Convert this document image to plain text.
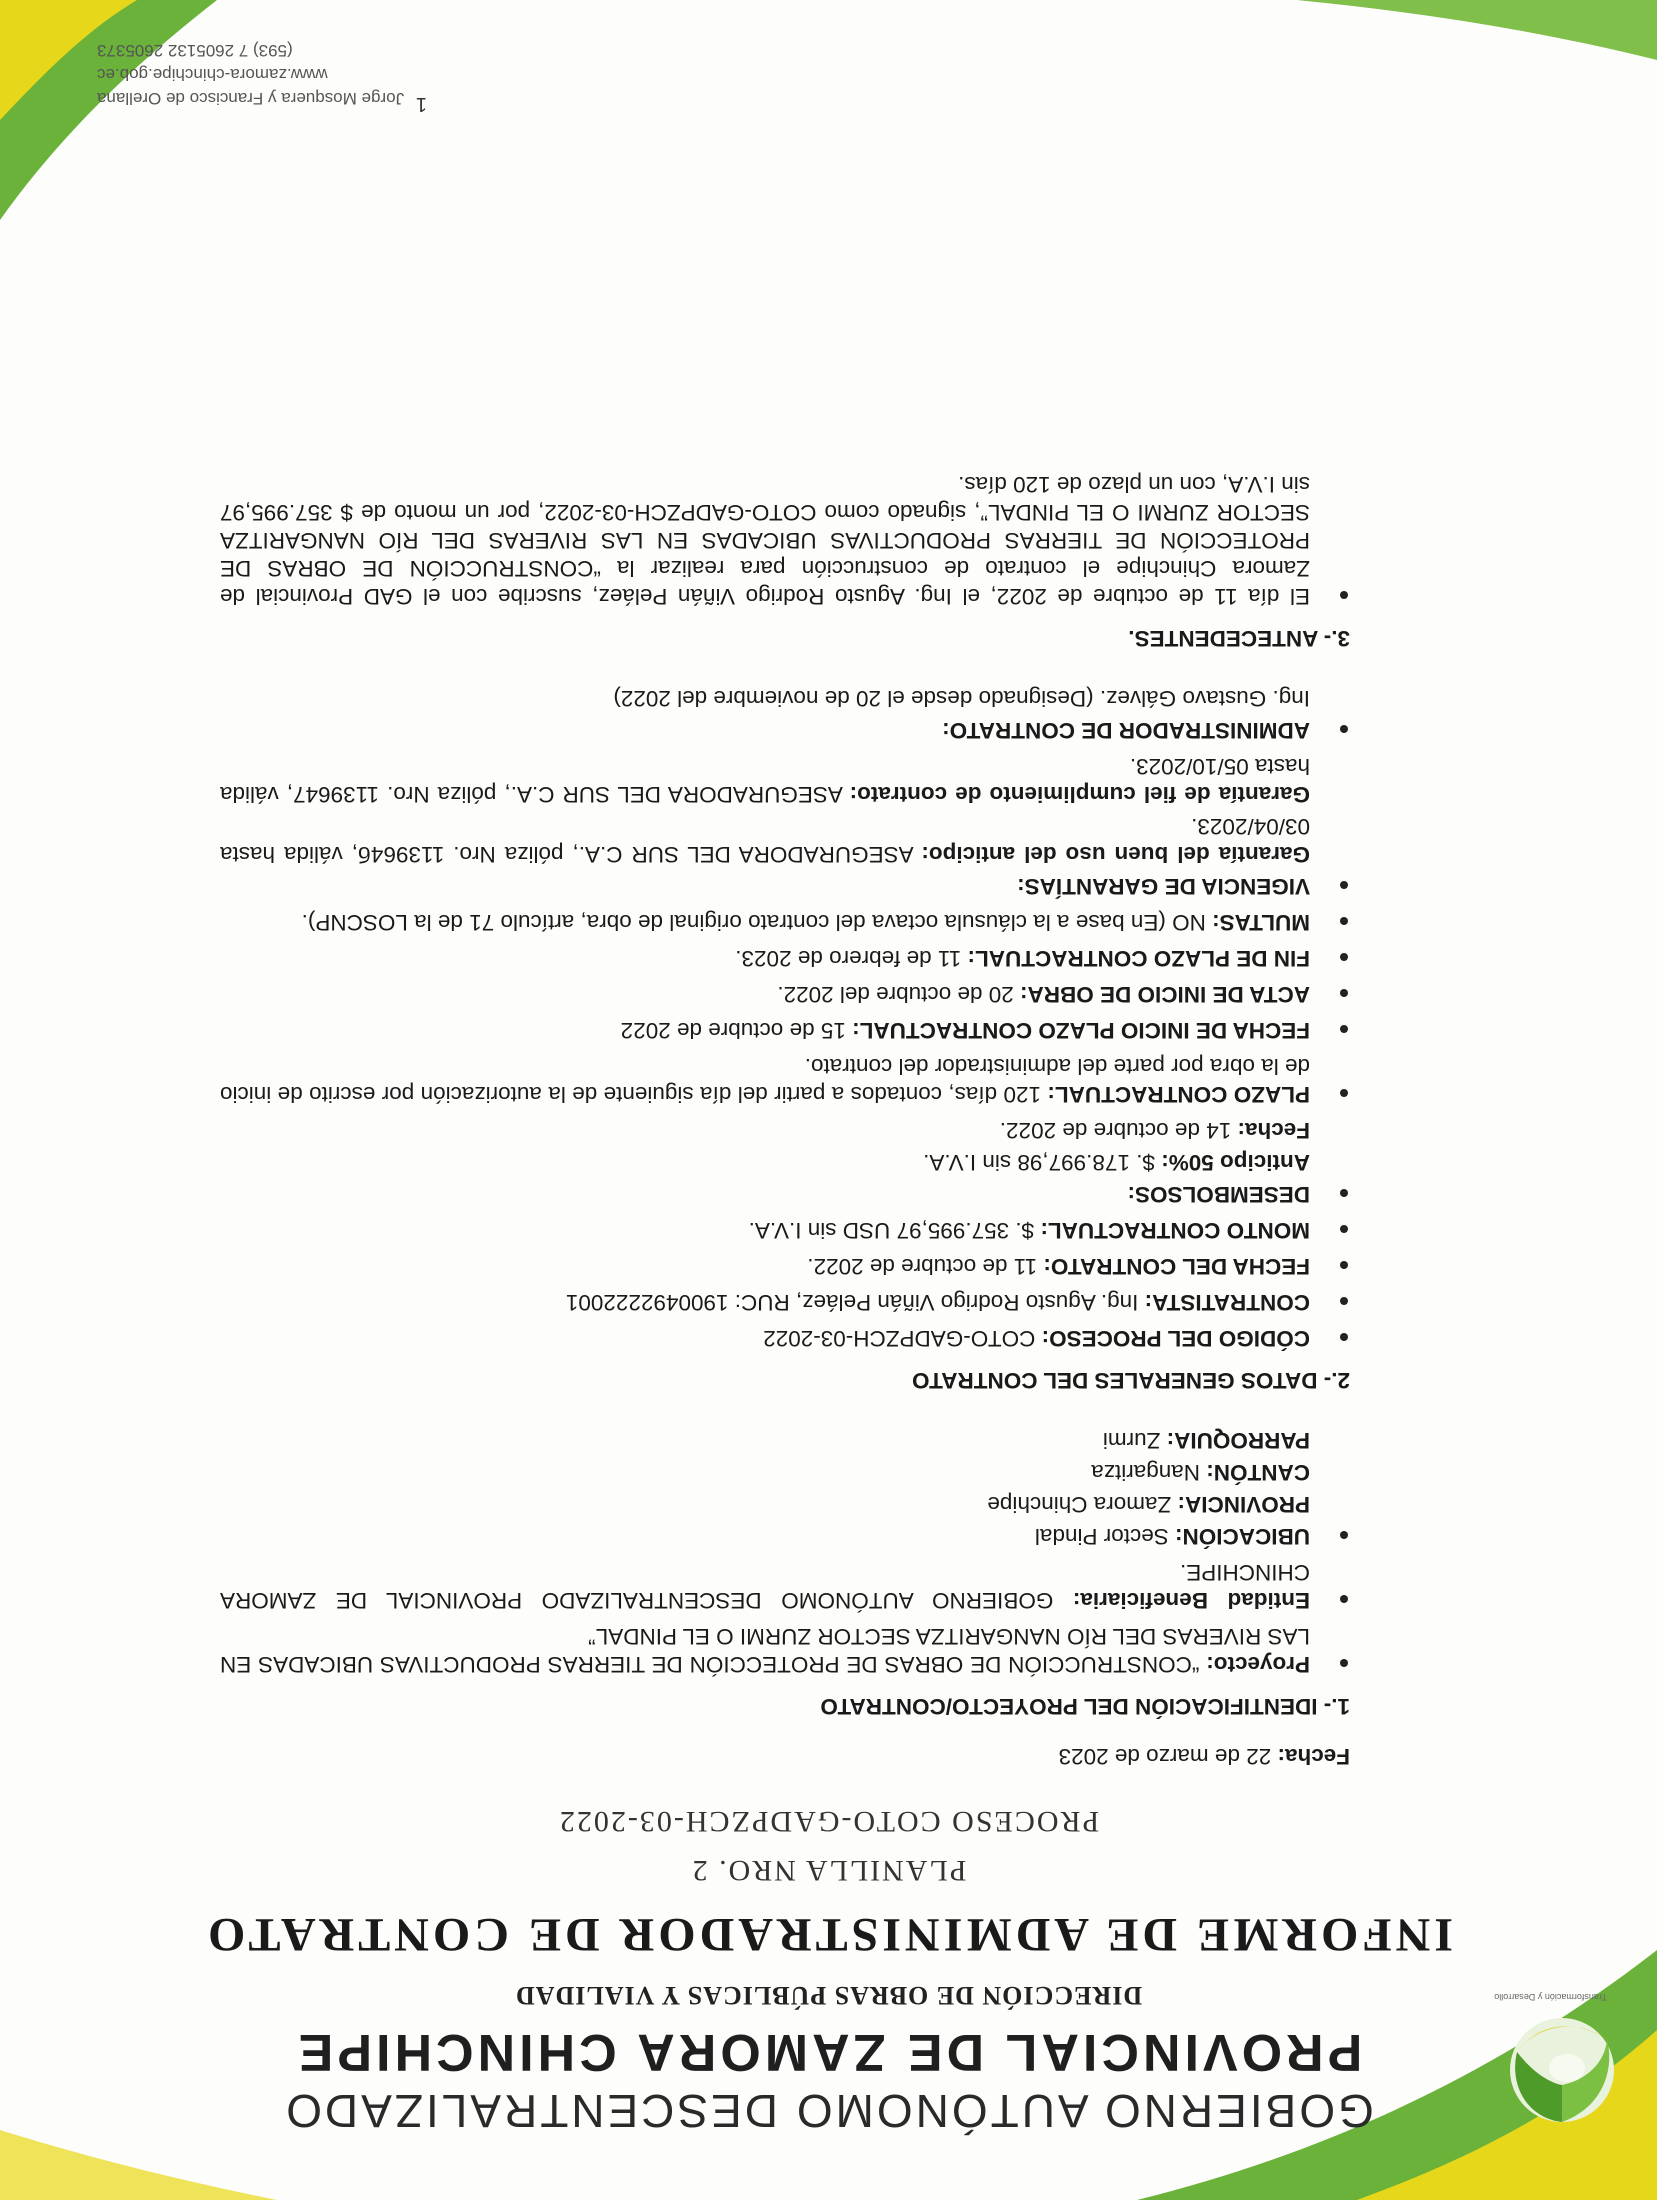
Transformación y Desarrollo
GOBIERNO AUTÓNOMO DESCENTRALIZADO
PROVINCIAL DE ZAMORA CHINCHIPE
DIRECCIÓN DE OBRAS PÚBLICAS Y VIALIDAD
INFORME DE ADMINISTRADOR DE CONTRATO
PLANILLA NRO. 2
PROCESO COTO-GADPZCH-03-2022
Fecha: 22 de marzo de 2023
1.- IDENTIFICACIÓN DEL PROYECTO/CONTRATO
Proyecto: “CONSTRUCCIÓN DE OBRAS DE PROTECCIÓN DE TIERRAS PRODUCTIVAS UBICADAS EN LAS RIVERAS DEL RÍO NANGARITZA SECTOR ZURMI O EL PINDAL”
Entidad Beneficiaria: GOBIERNO AUTÓNOMO DESCENTRALIZADO PROVINCIAL DE ZAMORA CHINCHIPE.
UBICACIÓN: Sector Pindal
PROVINCIA: Zamora Chinchipe
CANTÓN: Nangaritza
PARROQUIA: Zurmi
2.- DATOS GENERALES DEL CONTRATO
CÓDIGO DEL PROCESO: COTO-GADPZCH-03-2022
CONTRATISTA: Ing. Agusto Rodrigo Viñán Peláez, RUC: 1900492222001
FECHA DEL CONTRATO: 11 de octubre de 2022.
MONTO CONTRACTUAL: $. 357.995,97 USD sin I.V.A.
DESEMBOLSOS:
Anticipo 50%: $. 178.997,98 sin I.V.A.
Fecha: 14 de octubre de 2022.
PLAZO CONTRACTUAL: 120 días, contados a partir del día siguiente de la autorización por escrito de inicio de la obra por parte del administrador del contrato.
FECHA DE INICIO PLAZO CONTRACTUAL: 15 de octubre de 2022
ACTA DE INICIO DE OBRA: 20 de octubre del 2022.
FIN DE PLAZO CONTRACTUAL: 11 de febrero de 2023.
MULTAS: NO (En base a la cláusula octava del contrato original de obra, artículo 71 de la LOSCNP).
VIGENCIA DE GARANTÍAS:
Garantía del buen uso del anticipo: ASEGURADORA DEL SUR C.A., póliza Nro. 113964б, válida hasta 03/04/2023.
Garantía de fiel cumplimiento de contrato: ASEGURADORA DEL SUR C.A., póliza Nro. 1139647, válida hasta 05/10/2023.
ADMINISTRADOR DE CONTRATO:
Ing. Gustavo Gálvez. (Designado desde el 20 de noviembre del 2022)
3.- ANTECEDENTES.
El día 11 de octubre de 2022, el Ing. Agusto Rodrigo Viñán Peláez, suscribe con el GAD Provincial de Zamora Chinchipe el contrato de construcción para realizar la “CONSTRUCCIÓN DE OBRAS DE PROTECCIÓN DE TIERRAS PRODUCTIVAS UBICADAS EN LAS RIVERAS DEL RÍO NANGARITZA SECTOR ZURMI O EL PINDAL”, signado como COTO-GADPZCH-03-2022, por un monto de $ 357.995,97 sin I.V.A, con un plazo de 120 días.
1
Jorge Mosquera y Francisco de Orellana
www.zamora-chinchipe.gob.ec
(593) 7 2605132 2605373
